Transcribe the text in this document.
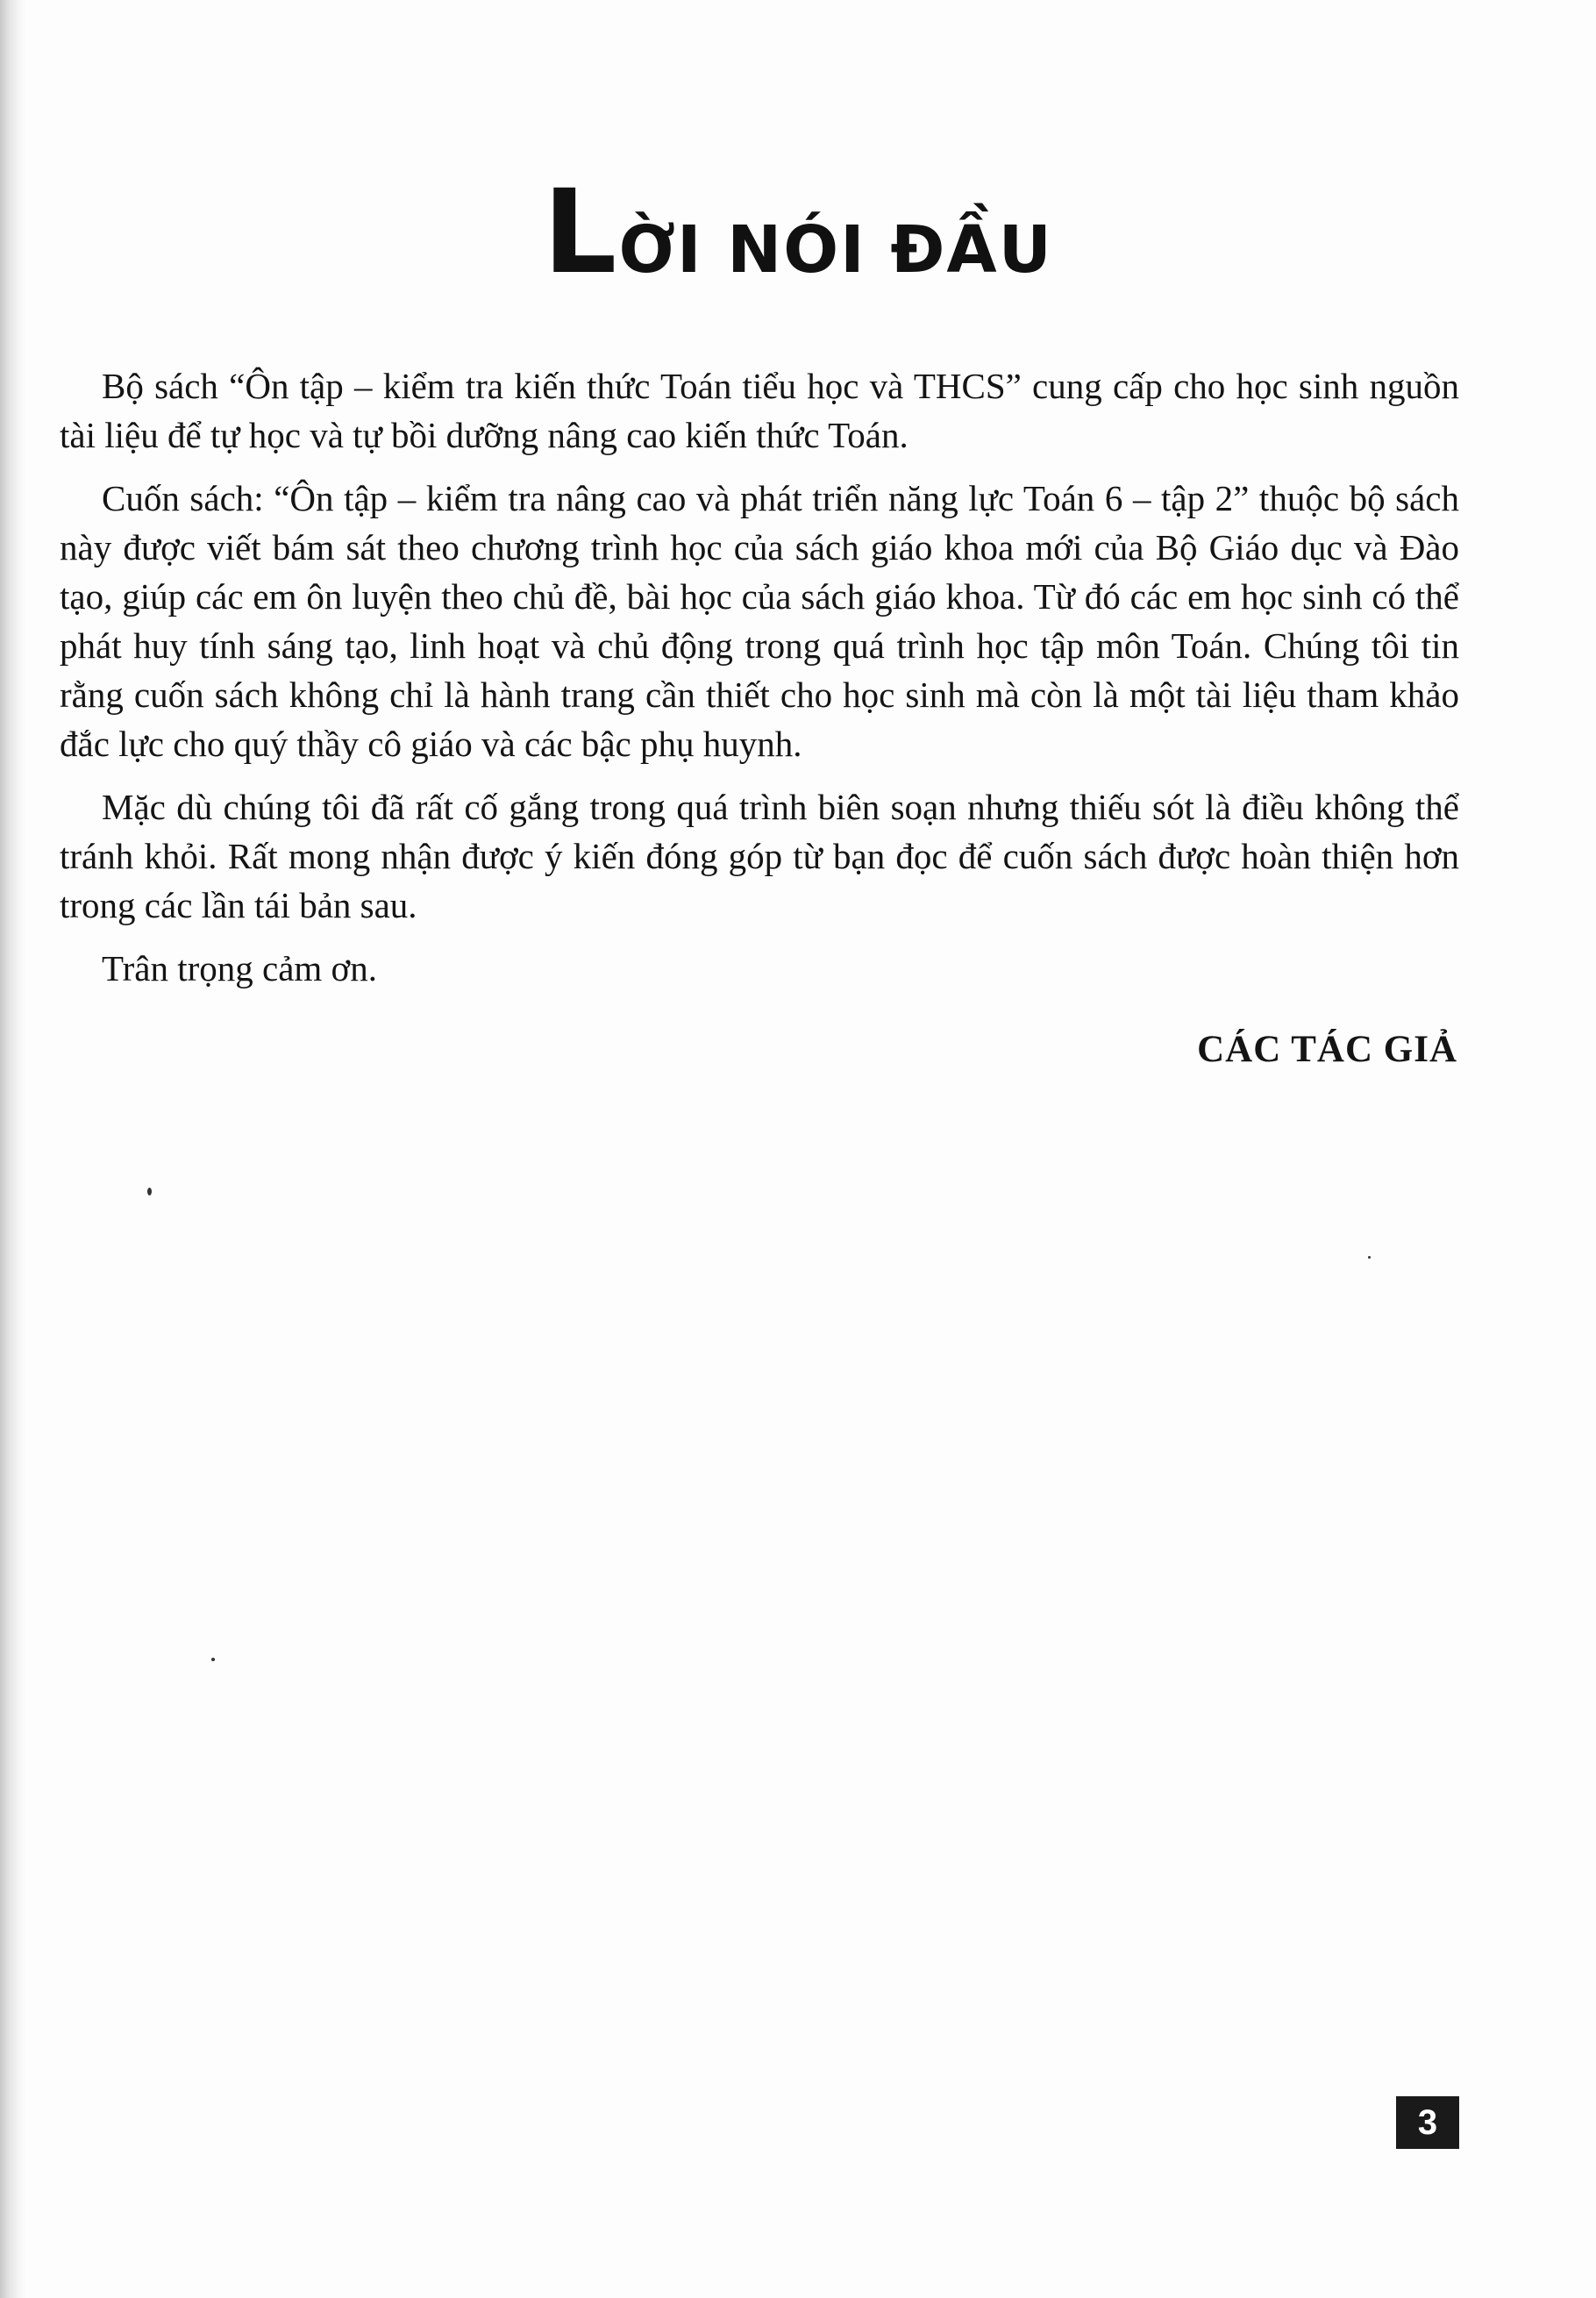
LỜI NÓI ĐẦU

Bộ sách “Ôn tập – kiểm tra kiến thức Toán tiểu học và THCS” cung cấp cho học sinh nguồn tài liệu để tự học và tự bồi dưỡng nâng cao kiến thức Toán.

Cuốn sách: “Ôn tập – kiểm tra nâng cao và phát triển năng lực Toán 6 – tập 2” thuộc bộ sách này được viết bám sát theo chương trình học của sách giáo khoa mới của Bộ Giáo dục và Đào tạo, giúp các em ôn luyện theo chủ đề, bài học của sách giáo khoa. Từ đó các em học sinh có thể phát huy tính sáng tạo, linh hoạt và chủ động trong quá trình học tập môn Toán. Chúng tôi tin rằng cuốn sách không chỉ là hành trang cần thiết cho học sinh mà còn là một tài liệu tham khảo đắc lực cho quý thầy cô giáo và các bậc phụ huynh.

Mặc dù chúng tôi đã rất cố gắng trong quá trình biên soạn nhưng thiếu sót là điều không thể tránh khỏi. Rất mong nhận được ý kiến đóng góp từ bạn đọc để cuốn sách được hoàn thiện hơn trong các lần tái bản sau.

Trân trọng cảm ơn.

CÁC TÁC GIẢ
3
